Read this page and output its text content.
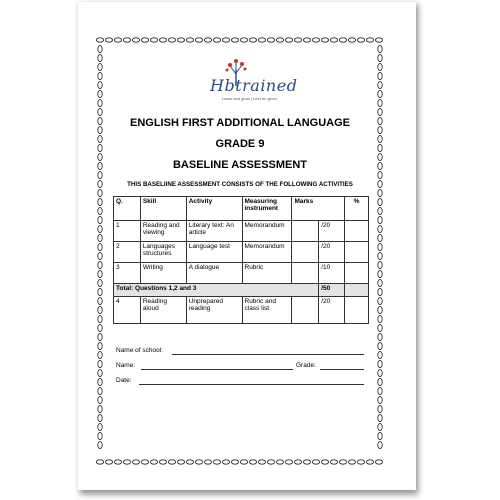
Hbtrained
Learn and grow | Leer en groei
ENGLISH FIRST ADDITIONAL LANGUAGE
GRADE 9
BASELINE ASSESSMENT
THIS BASELIINE ASSESSMENT CONSISTS OF THE FOLLOWING ACTIVITIES
Q.	Skill	Activity	Measuring instrument	Marks		%
1	Reading and viewing	Literary text: An article	Memorandum		/20	
2	Languages structures	Language test	Memorandum		/20	
3	Writing	A dialogue	Rubric		/10	
Total: Questions 1,2 and 3					/50	
4	Reading aloud	Unprepared reading	Rubric and class list		/20	
Name of school:
Name:	Grade:
Date:
